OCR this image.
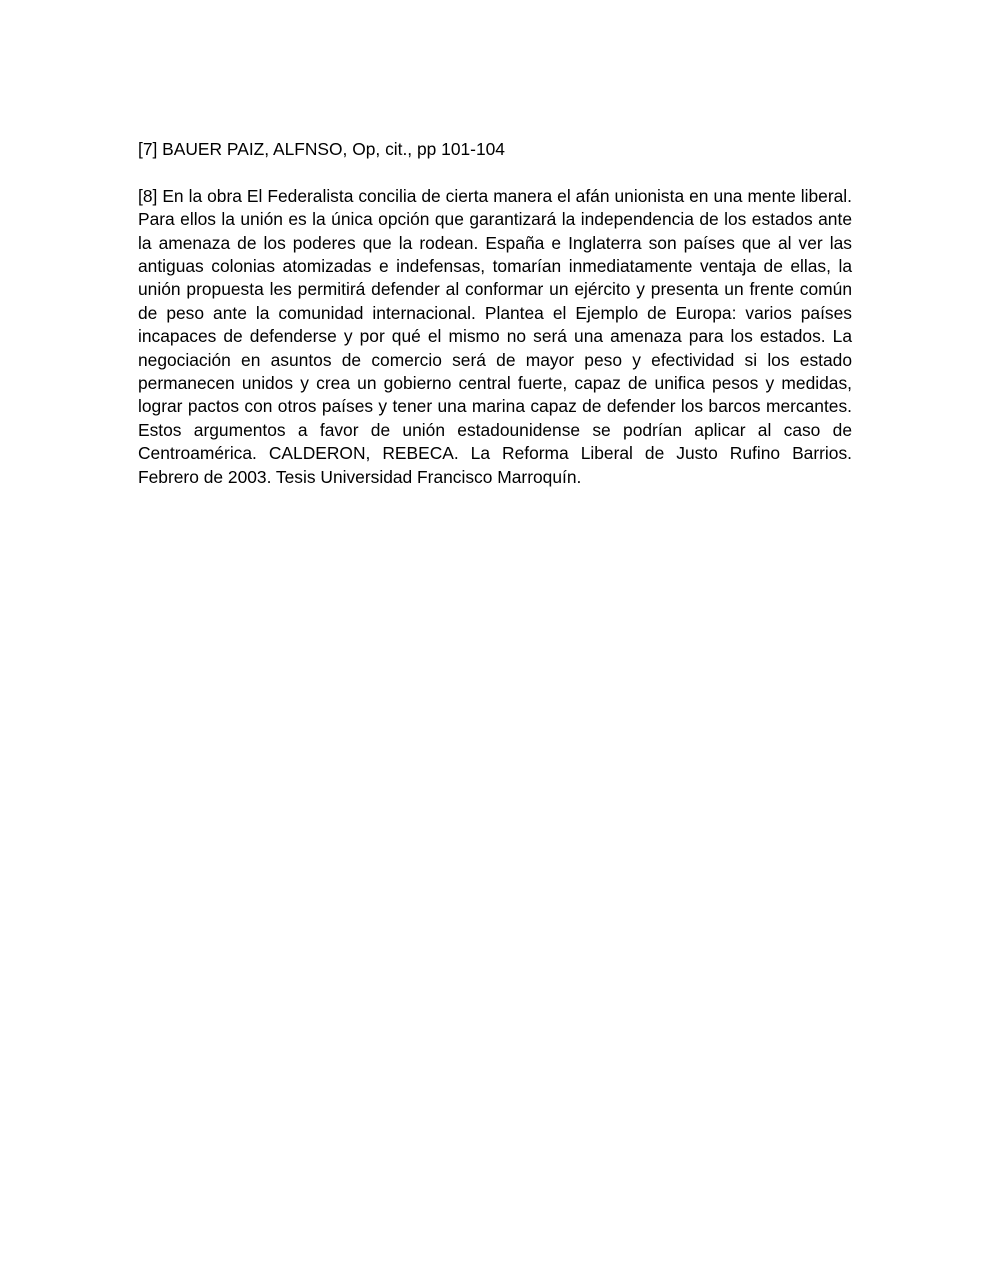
[7] BAUER PAIZ, ALFNSO, Op, cit., pp 101-104

[8] En la obra El Federalista concilia de cierta manera el afán unionista en una mente liberal. Para ellos la unión es la única opción que garantizará la independencia de los estados ante la amenaza de los poderes que la rodean. España e Inglaterra son países que al ver las antiguas colonias atomizadas e indefensas, tomarían inmediatamente ventaja de ellas, la unión propuesta les permitirá defender al conformar un ejército y presenta un frente común de peso ante la comunidad internacional. Plantea el Ejemplo de Europa: varios países incapaces de defenderse y por qué el mismo no será una amenaza para los estados. La negociación en asuntos de comercio será de mayor peso y efectividad si los estado permanecen unidos y crea un gobierno central fuerte, capaz de unifica pesos y medidas, lograr pactos con otros países y tener una marina capaz de defender los barcos mercantes. Estos argumentos a favor de unión estadounidense se podrían aplicar al caso de Centroamérica. CALDERON, REBECA. La Reforma Liberal de Justo Rufino Barrios. Febrero de 2003. Tesis Universidad Francisco Marroquín.
